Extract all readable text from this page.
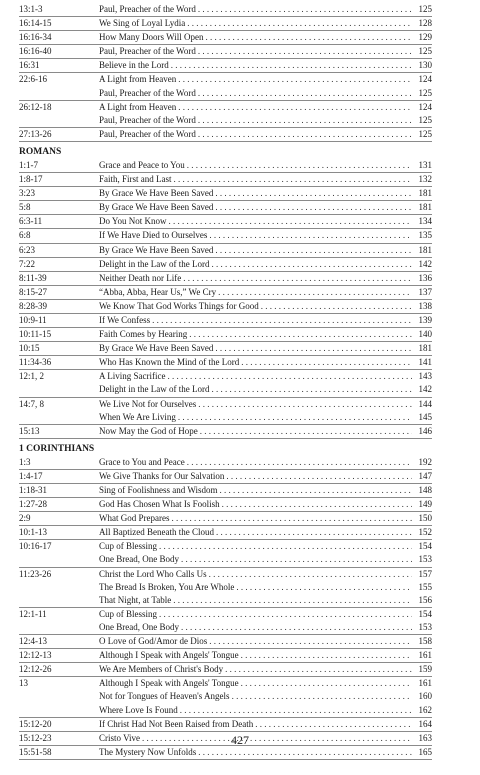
13:1-3	Paul, Preacher of the Word . . .	125
16:14-15	We Sing of Loyal Lydia . . .	128
16:16-34	How Many Doors Will Open . . .	129
16:16-40	Paul, Preacher of the Word . . .	125
16:31	Believe in the Lord . . .	130
22:6-16	A Light from Heaven . . .	124
Paul, Preacher of the Word . . .	125
26:12-18	A Light from Heaven . . .	124
Paul, Preacher of the Word . . .	125
27:13-26	Paul, Preacher of the Word . . .	125
ROMANS
1:1-7	Grace and Peace to You . . .	131
1:8-17	Faith, First and Last . . .	132
3:23	By Grace We Have Been Saved . . .	181
5:8	By Grace We Have Been Saved . . .	181
6:3-11	Do You Not Know . . .	134
6:8	If We Have Died to Ourselves . . .	135
6:23	By Grace We Have Been Saved . . .	181
7:22	Delight in the Law of the Lord . . .	142
8:11-39	Neither Death nor Life . . .	136
8:15-27	“Abba, Abba, Hear Us,” We Cry . . .	137
8:28-39	We Know That God Works Things for Good . . .	138
10:9-11	If We Confess . . .	139
10:11-15	Faith Comes by Hearing . . .	140
10:15	By Grace We Have Been Saved . . .	181
11:34-36	Who Has Known the Mind of the Lord . . .	141
12:1, 2	A Living Sacrifice . . .	143
Delight in the Law of the Lord . . .	142
14:7, 8	We Live Not for Ourselves . . .	144
When We Are Living . . .	145
15:13	Now May the God of Hope . . .	146
1 CORINTHIANS
1:3	Grace to You and Peace . . .	192
1:4-17	We Give Thanks for Our Salvation . . .	147
1:18-31	Sing of Foolishness and Wisdom . . .	148
1:27-28	God Has Chosen What Is Foolish . . .	149
2:9	What God Prepares . . .	150
10:1-13	All Baptized Beneath the Cloud . . .	152
10:16-17	Cup of Blessing . . .	154
One Bread, One Body . . .	153
11:23-26	Christ the Lord Who Calls Us . . .	157
The Bread Is Broken, You Are Whole . . .	155
That Night, at Table . . .	156
12:1-11	Cup of Blessing . . .	154
One Bread, One Body . . .	153
12:4-13	O Love of God/Amor de Dios . . .	158
12:12-13	Although I Speak with Angels' Tongue . . .	161
12:12-26	We Are Members of Christ's Body . . .	159
13	Although I Speak with Angels' Tongue . . .	161
Not for Tongues of Heaven's Angels . . .	160
Where Love Is Found . . .	162
15:12-20	If Christ Had Not Been Raised from Death . . .	164
15:12-23	Cristo Vive . . .	163
15:51-58	The Mystery Now Unfolds . . .	165
427
